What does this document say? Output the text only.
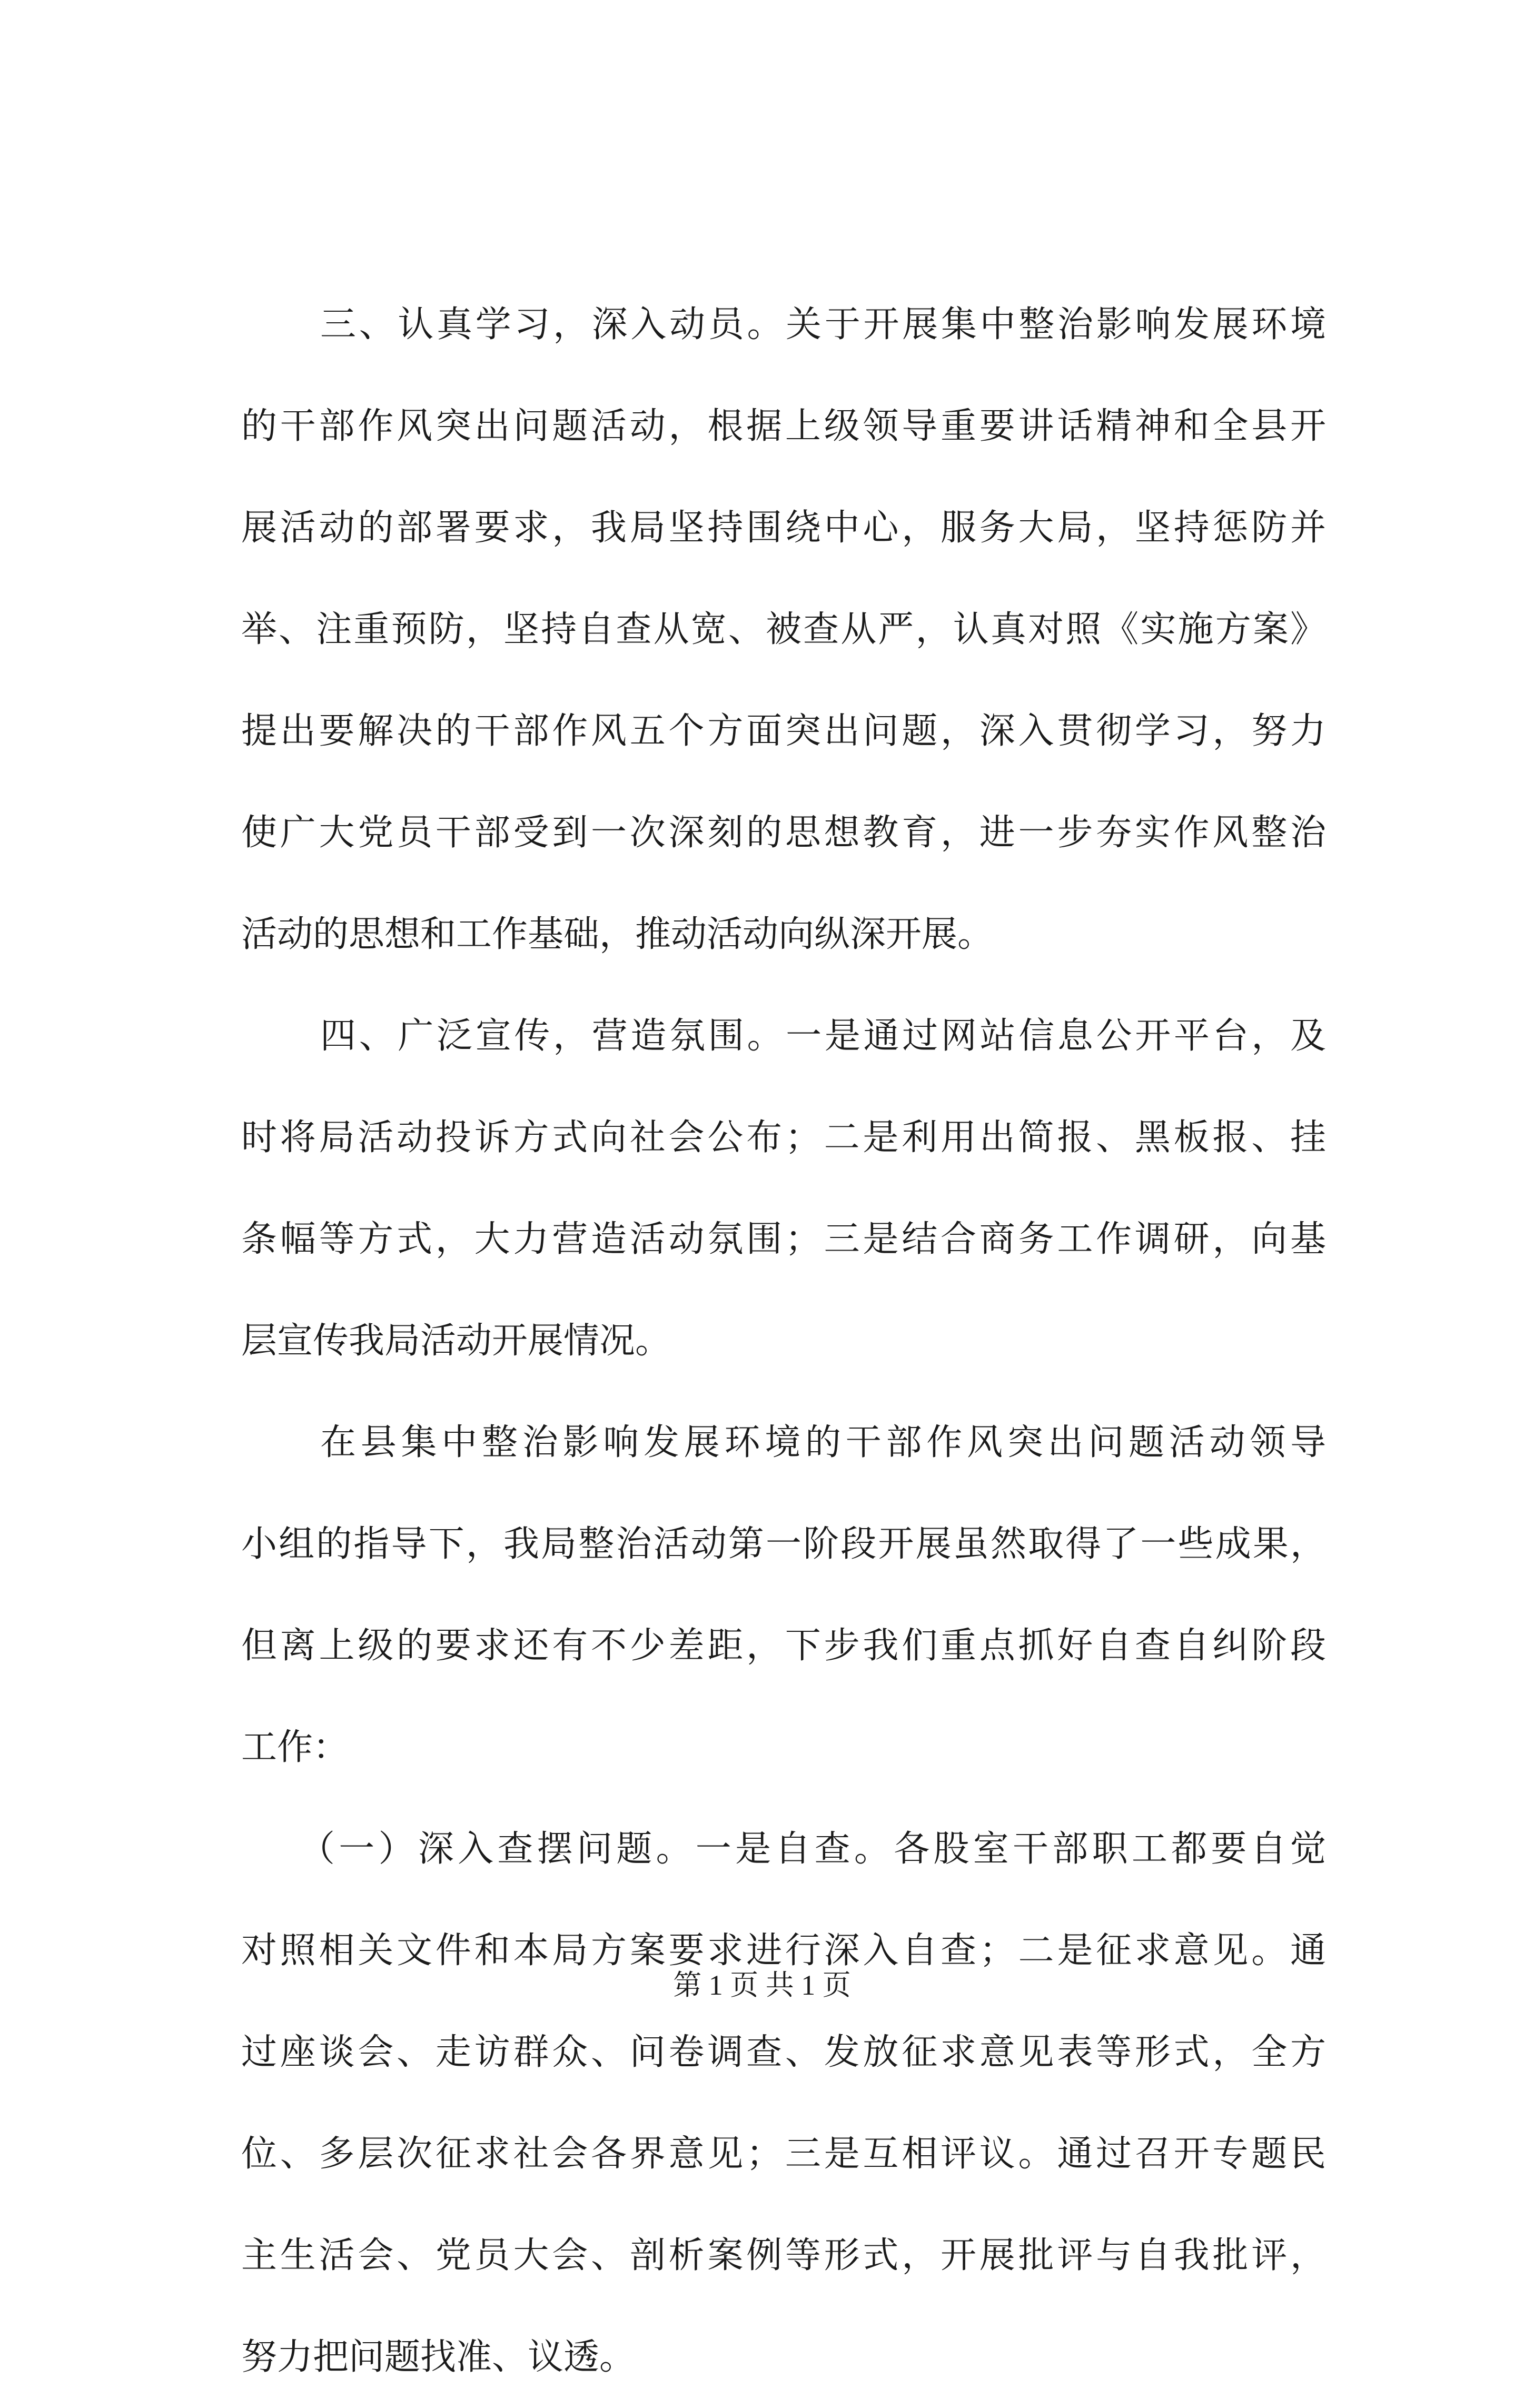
三、认真学习，深入动员。关于开展集中整治影响发展环境
的干部作风突出问题活动，根据上级领导重要讲话精神和全县开
展活动的部署要求，我局坚持围绕中心，服务大局，坚持惩防并
举、注重预防，坚持自查从宽、被查从严，认真对照《实施方案》
提出要解决的干部作风五个方面突出问题，深入贯彻学习，努力
使广大党员干部受到一次深刻的思想教育，进一步夯实作风整治
活动的思想和工作基础，推动活动向纵深开展。
四、广泛宣传，营造氛围。一是通过网站信息公开平台，及
时将局活动投诉方式向社会公布；二是利用出简报、黑板报、挂
条幅等方式，大力营造活动氛围；三是结合商务工作调研，向基
层宣传我局活动开展情况。
在县集中整治影响发展环境的干部作风突出问题活动领导
小组的指导下，我局整治活动第一阶段开展虽然取得了一些成果，
但离上级的要求还有不少差距，下步我们重点抓好自查自纠阶段
工作：
（一）深入查摆问题。一是自查。各股室干部职工都要自觉
对照相关文件和本局方案要求进行深入自查；二是征求意见。通
过座谈会、走访群众、问卷调查、发放征求意见表等形式，全方
位、多层次征求社会各界意见；三是互相评议。通过召开专题民
主生活会、党员大会、剖析案例等形式，开展批评与自我批评，
努力把问题找准、议透。
第 1 页 共 1 页
